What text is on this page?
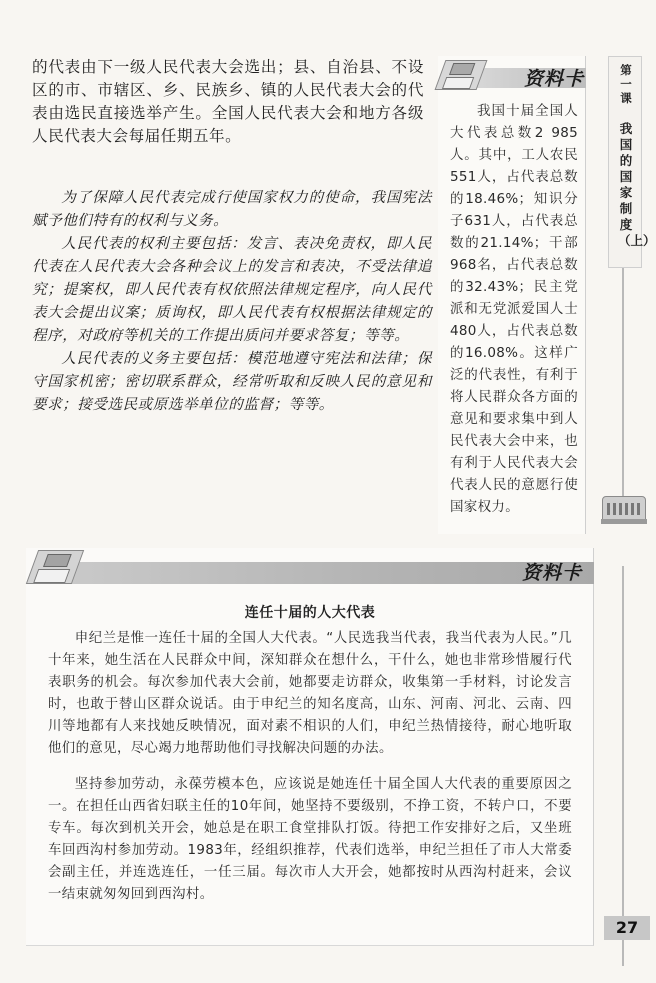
的代表由下一级人民代表大会选出；县、自治县、不设区的市、市辖区、乡、民族乡、镇的人民代表大会的代表由选民直接选举产生。全国人民代表大会和地方各级人民代表大会每届任期五年。

为了保障人民代表完成行使国家权力的使命，我国宪法赋予他们特有的权利与义务。

人民代表的权利主要包括：发言、表决免责权，即人民代表在人民代表大会各种会议上的发言和表决，不受法律追究；提案权，即人民代表有权依照法律规定程序，向人民代表大会提出议案；质询权，即人民代表有权根据法律规定的程序，对政府等机关的工作提出质问并要求答复；等等。

人民代表的义务主要包括：模范地遵守宪法和法律；保守国家机密；密切联系群众，经常听取和反映人民的意见和要求；接受选民或原选举单位的监督；等等。

资料卡
我国十届全国人大代表总数2 985人。其中，工人农民551人，占代表总数的18.46%；知识分子631人，占代表总数的21.14%；干部968名，占代表总数的32.43%；民主党派和无党派爱国人士480人，占代表总数的16.08%。这样广泛的代表性，有利于将人民群众各方面的意见和要求集中到人民代表大会中来，也有利于人民代表大会代表人民的意愿行使国家权力。
第一课
我国的国家制度（上）
资料卡
连任十届的人大代表

申纪兰是惟一连任十届的全国人大代表。“人民选我当代表，我当代表为人民。”几十年来，她生活在人民群众中间，深知群众在想什么，干什么，她也非常珍惜履行代表职务的机会。每次参加代表大会前，她都要走访群众，收集第一手材料，讨论发言时，也敢于替山区群众说话。由于申纪兰的知名度高，山东、河南、河北、云南、四川等地都有人来找她反映情况，面对素不相识的人们，申纪兰热情接待，耐心地听取他们的意见，尽心竭力地帮助他们寻找解决问题的办法。

坚持参加劳动，永葆劳模本色，应该说是她连任十届全国人大代表的重要原因之一。在担任山西省妇联主任的10年间，她坚持不要级别，不挣工资，不转户口，不要专车。每次到机关开会，她总是在职工食堂排队打饭。待把工作安排好之后，又坐班车回西沟村参加劳动。1983年，经组织推荐，代表们选举，申纪兰担任了市人大常委会副主任，并连选连任，一任三届。每次市人大开会，她都按时从西沟村赶来，会议一结束就匆匆回到西沟村。

27
